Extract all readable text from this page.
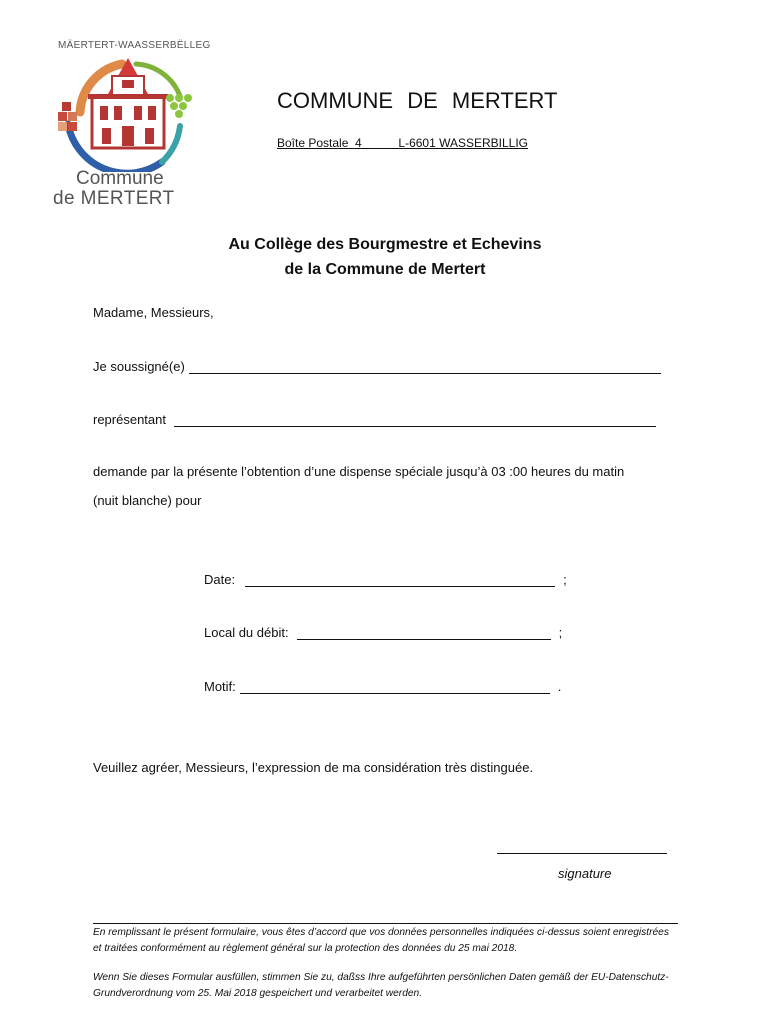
MÄERTERT-WAASSERBËLLEG
Commune
de MERTERT
COMMUNE DE MERTERT
Boîte Postale  4           L-6601 WASSERBILLIG
Au Collège des Bourgmestre et Echevins
de la Commune de Mertert
Madame, Messieurs,
Je soussigné(e)
représentant
demande par la présente l’obtention d’une dispense spéciale jusqu’à 03 :00 heures du matin
(nuit blanche) pour
Date:	;
Local du débit:	;
Motif:	.
Veuillez agréer, Messieurs, l’expression de ma considération très distinguée.
signature
En remplissant le présent formulaire, vous êtes d’accord que vos données personnelles indiquées ci-dessus soient enregistrées et traitées conformément au règlement général sur la protection des données du 25 mai 2018.
Wenn Sie dieses Formular ausfüllen, stimmen Sie zu, daßss Ihre aufgeführten persönlichen Daten gemäß der EU-Datenschutz-Grundverordnung vom 25. Mai 2018 gespeichert und verarbeitet werden.
